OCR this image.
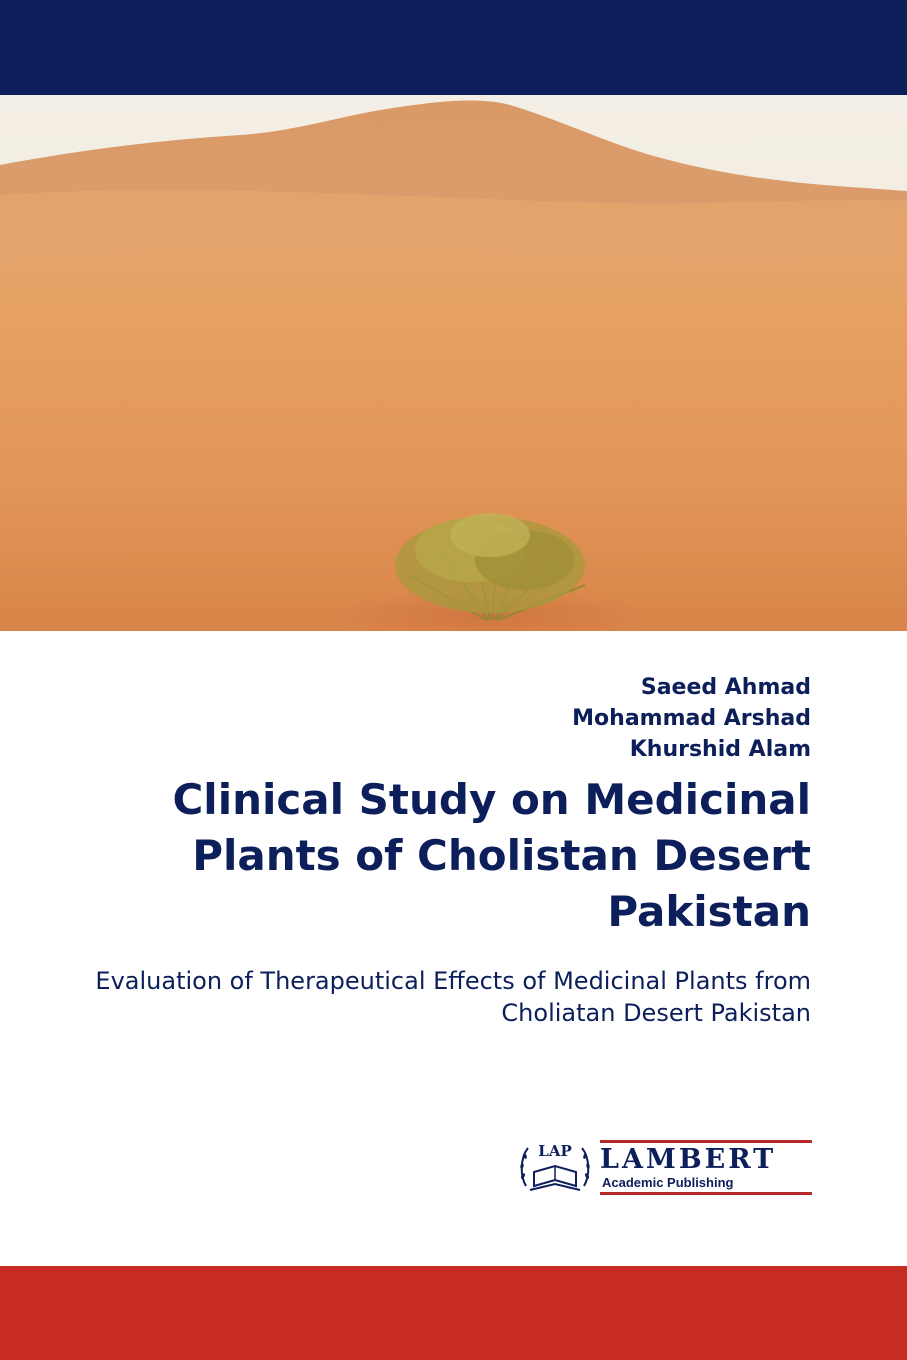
Saeed Ahmad
Mohammad Arshad
Khurshid Alam
Clinical Study on Medicinal Plants of Cholistan Desert Pakistan

Evaluation of Therapeutical Effects of Medicinal Plants from Choliatan Desert Pakistan

LAP LAMBERT
Academic Publishing
